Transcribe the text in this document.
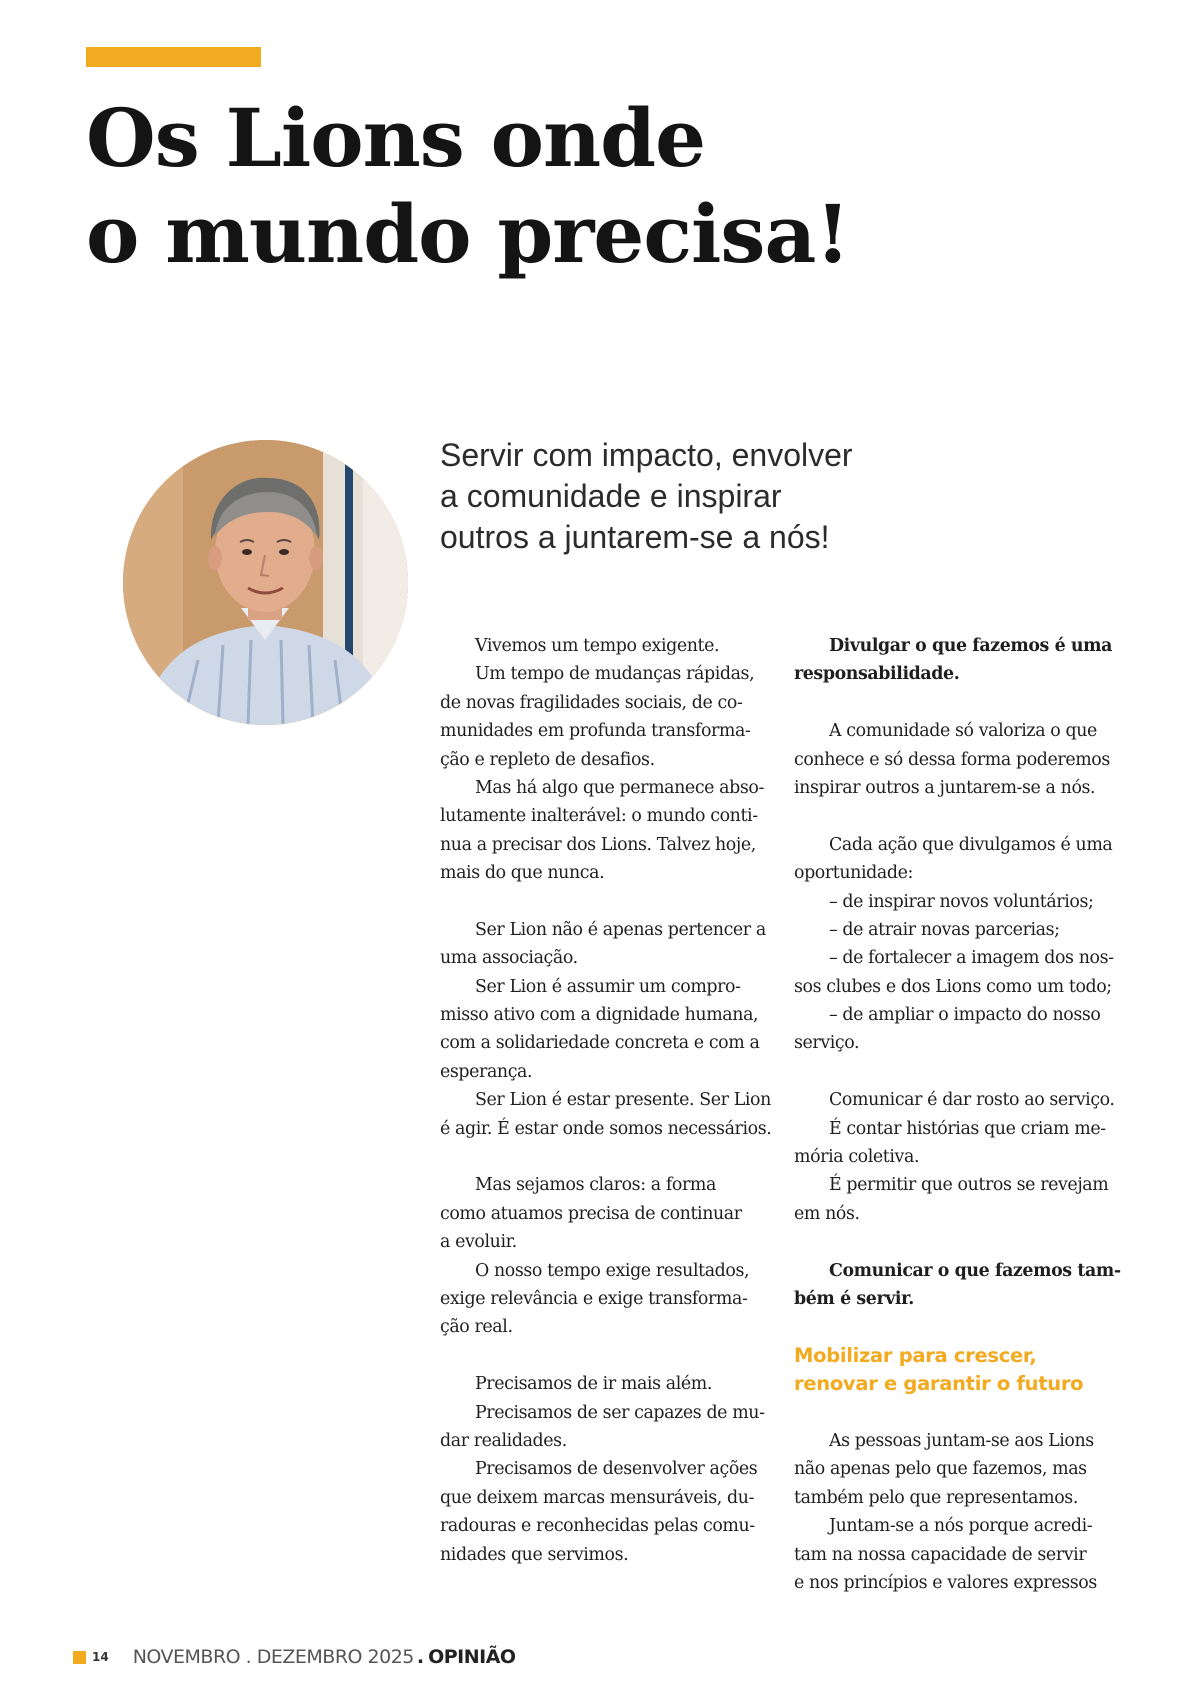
Os Lions onde
o mundo precisa!
Servir com impacto, envolver
a comunidade e inspirar
outros a juntarem-se a nós!
Vivemos um tempo exigente.
Um tempo de mudanças rápidas,
de novas fragilidades sociais, de co-
munidades em profunda transforma-
ção e repleto de desafios.
Mas há algo que permanece abso-
lutamente inalterável: o mundo conti-
nua a precisar dos Lions. Talvez hoje,
mais do que nunca.
Ser Lion não é apenas pertencer a
uma associação.
Ser Lion é assumir um compro-
misso ativo com a dignidade humana,
com a solidariedade concreta e com a
esperança.
Ser Lion é estar presente. Ser Lion
é agir. É estar onde somos necessários.
Mas sejamos claros: a forma
como atuamos precisa de continuar
a evoluir.
O nosso tempo exige resultados,
exige relevância e exige transforma-
ção real.
Precisamos de ir mais além.
Precisamos de ser capazes de mu-
dar realidades.
Precisamos de desenvolver ações
que deixem marcas mensuráveis, du-
radouras e reconhecidas pelas comu-
nidades que servimos.
Divulgar o que fazemos é uma
responsabilidade.
A comunidade só valoriza o que
conhece e só dessa forma poderemos
inspirar outros a juntarem-se a nós.
Cada ação que divulgamos é uma
oportunidade:
– de inspirar novos voluntários;
– de atrair novas parcerias;
– de fortalecer a imagem dos nos-
sos clubes e dos Lions como um todo;
– de ampliar o impacto do nosso
serviço.
Comunicar é dar rosto ao serviço.
É contar histórias que criam me-
mória coletiva.
É permitir que outros se revejam
em nós.
Comunicar o que fazemos tam-
bém é servir.
Mobilizar para crescer,
renovar e garantir o futuro
As pessoas juntam-se aos Lions
não apenas pelo que fazemos, mas
também pelo que representamos.
Juntam-se a nós porque acredi-
tam na nossa capacidade de servir
e nos princípios e valores expressos
14 NOVEMBRO . DEZEMBRO 2025 . OPINIÃO
